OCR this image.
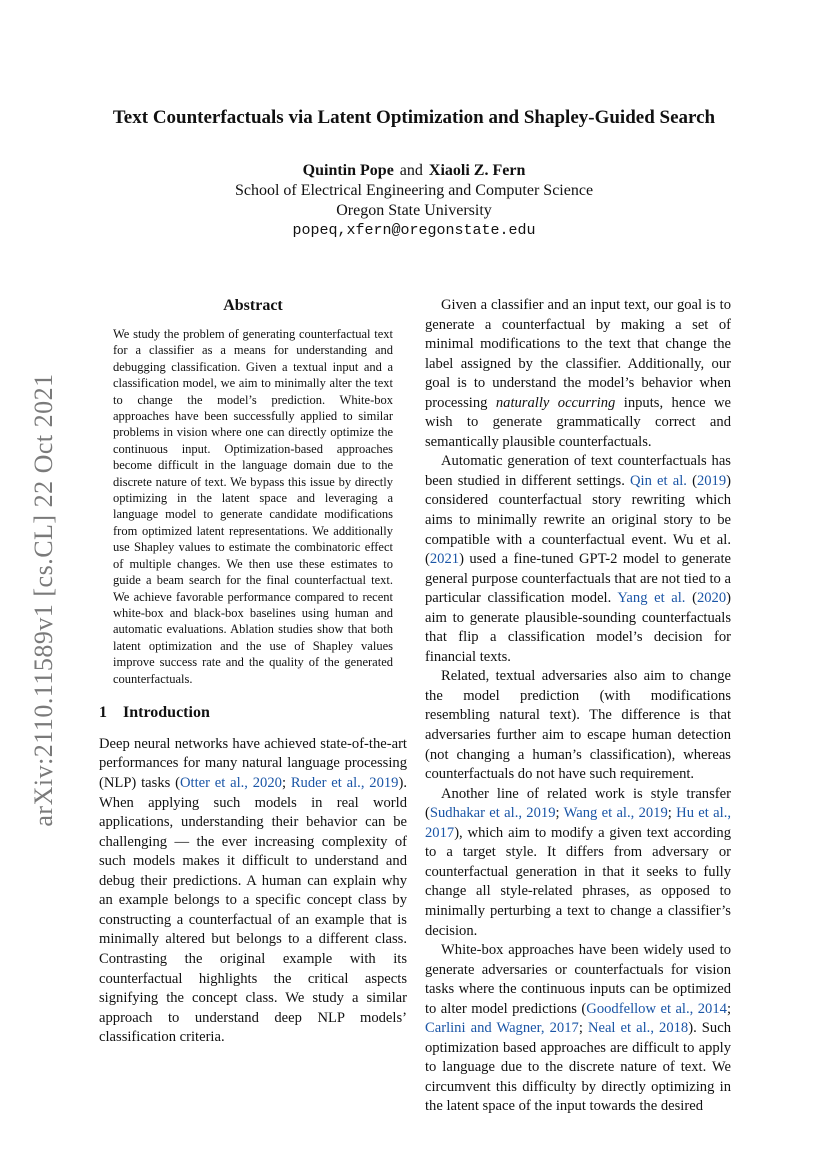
arXiv:2110.11589v1 [cs.CL] 22 Oct 2021
Text Counterfactuals via Latent Optimization and Shapley-Guided Search
Quintin Pope and Xiaoli Z. Fern
School of Electrical Engineering and Computer Science
Oregon State University
popeq,xfern@oregonstate.edu
Abstract
We study the problem of generating counterfactual text for a classifier as a means for understanding and debugging classification. Given a textual input and a classification model, we aim to minimally alter the text to change the model’s prediction. White-box approaches have been successfully applied to similar problems in vision where one can directly optimize the continuous input. Optimization-based approaches become difficult in the language domain due to the discrete nature of text. We bypass this issue by directly optimizing in the latent space and leveraging a language model to generate candidate modifications from optimized latent representations. We additionally use Shapley values to estimate the combinatoric effect of multiple changes. We then use these estimates to guide a beam search for the final counterfactual text. We achieve favorable performance compared to recent white-box and black-box baselines using human and automatic evaluations. Ablation studies show that both latent optimization and the use of Shapley values improve success rate and the quality of the generated counterfactuals.
1 Introduction

Deep neural networks have achieved state-of-the-art performances for many natural language processing (NLP) tasks (Otter et al., 2020; Ruder et al., 2019). When applying such models in real world applications, understanding their behavior can be challenging — the ever increasing complexity of such models makes it difficult to understand and debug their predictions. A human can explain why an example belongs to a specific concept class by constructing a counterfactual of an example that is minimally altered but belongs to a different class. Contrasting the original example with its counterfactual highlights the critical aspects signifying the concept class. We study a similar approach to understand deep NLP models’ classification criteria.

Given a classifier and an input text, our goal is to generate a counterfactual by making a set of minimal modifications to the text that change the label assigned by the classifier. Additionally, our goal is to understand the model’s behavior when processing naturally occurring inputs, hence we wish to generate grammatically correct and semantically plausible counterfactuals.

Automatic generation of text counterfactuals has been studied in different settings. Qin et al. (2019) considered counterfactual story rewriting which aims to minimally rewrite an original story to be compatible with a counterfactual event. Wu et al. (2021) used a fine-tuned GPT-2 model to generate general purpose counterfactuals that are not tied to a particular classification model. Yang et al. (2020) aim to generate plausible-sounding counterfactuals that flip a classification model’s decision for financial texts.

Related, textual adversaries also aim to change the model prediction (with modifications resembling natural text). The difference is that adversaries further aim to escape human detection (not changing a human’s classification), whereas counterfactuals do not have such requirement.

Another line of related work is style transfer (Sudhakar et al., 2019; Wang et al., 2019; Hu et al., 2017), which aim to modify a given text according to a target style. It differs from adversary or counterfactual generation in that it seeks to fully change all style-related phrases, as opposed to minimally perturbing a text to change a classifier’s decision.

White-box approaches have been widely used to generate adversaries or counterfactuals for vision tasks where the continuous inputs can be optimized to alter model predictions (Goodfellow et al., 2014; Carlini and Wagner, 2017; Neal et al., 2018). Such optimization based approaches are difficult to apply to language due to the discrete nature of text. We circumvent this difficulty by directly optimizing in the latent space of the input towards the desired
